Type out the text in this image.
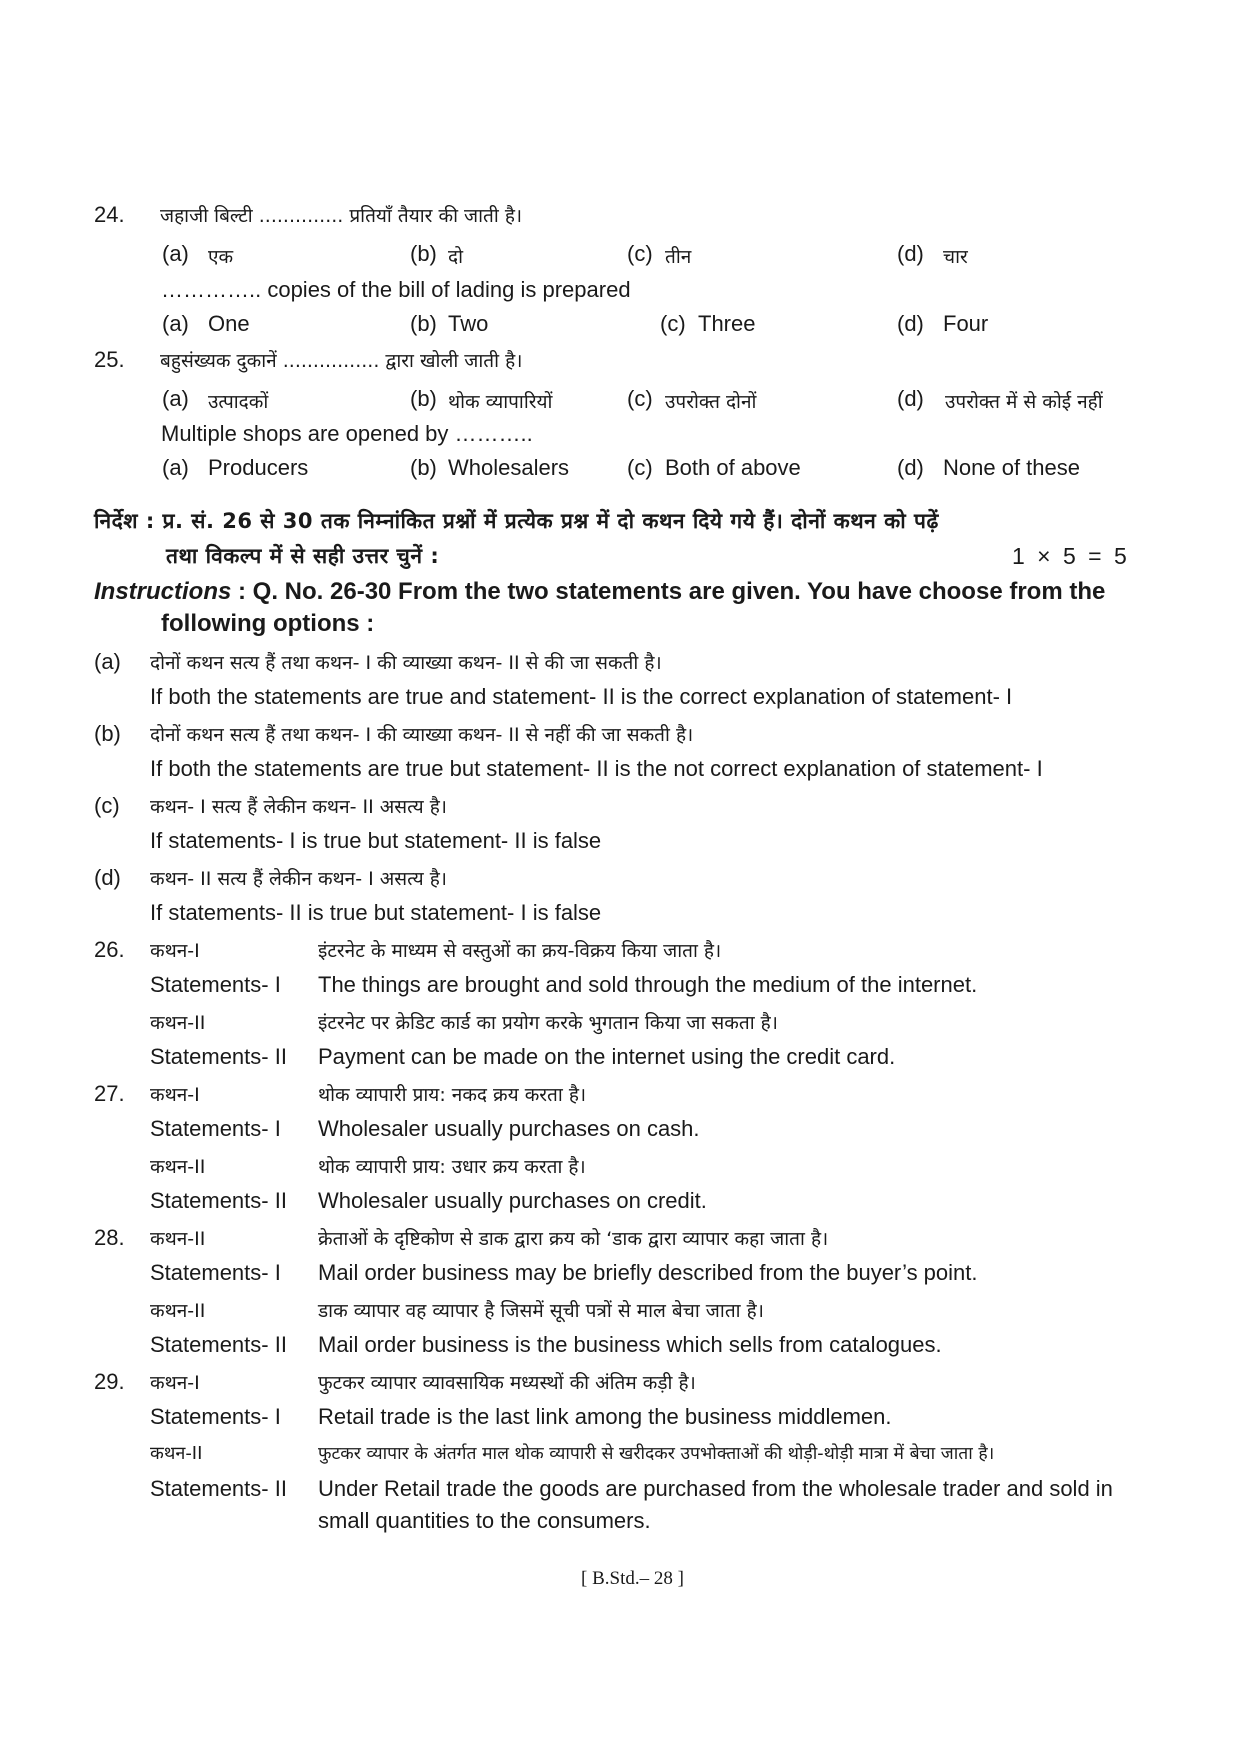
24. जहाजी बिल्टी .............. प्रतियाँ तैयार की जाती है।
(a) एक	(b) दो	(c) तीन	(d) चार
………….. copies of the bill of lading is prepared
(a) One	(b) Two	(c) Three	(d) Four
25. बहुसंख्यक दुकानें ................ द्वारा खोली जाती है।
(a) उत्पादकों	(b) थोक व्यापारियों	(c) उपरोक्त दोनों	(d) उपरोक्त में से कोई नहीं
Multiple shops are opened by ………..
(a) Producers	(b) Wholesalers	(c) Both of above	(d) None of these
निर्देश : प्र. सं. 26 से 30 तक निम्नांकित प्रश्नों में प्रत्येक प्रश्न में दो कथन दिये गये हैं। दोनों कथन को पढ़ें
तथा विकल्प में से सही उत्तर चुनें :	1 × 5 = 5
Instructions : Q. No. 26-30 From the two statements are given. You have choose from the
following options :
(a) दोनों कथन सत्य हैं तथा कथन- I की व्याख्या कथन- II से की जा सकती है।
If both the statements are true and statement- II is the correct explanation of statement- I
(b) दोनों कथन सत्य हैं तथा कथन- I की व्याख्या कथन- II से नहीं की जा सकती है।
If both the statements are true but statement- II is the not correct explanation of statement- I
(c) कथन- I सत्य हैं लेकीन कथन- II असत्य है।
If statements- I is true but statement- II is false
(d) कथन- II सत्य हैं लेकीन कथन- I असत्य है।
If statements- II is true but statement- I is false
26. कथन-I	इंटरनेट के माध्यम से वस्तुओं का क्रय-विक्रय किया जाता है।
Statements- I The things are brought and sold through the medium of the internet.
कथन-II	इंटरनेट पर क्रेडिट कार्ड का प्रयोग करके भुगतान किया जा सकता है।
Statements- II Payment can be made on the internet using the credit card.
27. कथन-I	थोक व्यापारी प्राय: नकद क्रय करता है।
Statements- I Wholesaler usually purchases on cash.
कथन-II	थोक व्यापारी प्राय: उधार क्रय करता है।
Statements- II Wholesaler usually purchases on credit.
28. कथन-II	क्रेताओं के दृष्टिकोण से डाक द्वारा क्रय को ‘डाक द्वारा व्यापार कहा जाता है।
Statements- I Mail order business may be briefly described from the buyer’s point.
कथन-II	डाक व्यापार वह व्यापार है जिसमें सूची पत्रों से माल बेचा जाता है।
Statements- II Mail order business is the business which sells from catalogues.
29. कथन-I	फुटकर व्यापार व्यावसायिक मध्यस्थों की अंतिम कड़ी है।
Statements- I Retail trade is the last link among the business middlemen.
कथन-II	फुटकर व्यापार के अंतर्गत माल थोक व्यापारी से खरीदकर उपभोक्ताओं की थोड़ी-थोड़ी मात्रा में बेचा जाता है।
Statements- II Under Retail trade the goods are purchased from the wholesale trader and sold in
small quantities to the consumers.
[ B.Std.– 28 ]
